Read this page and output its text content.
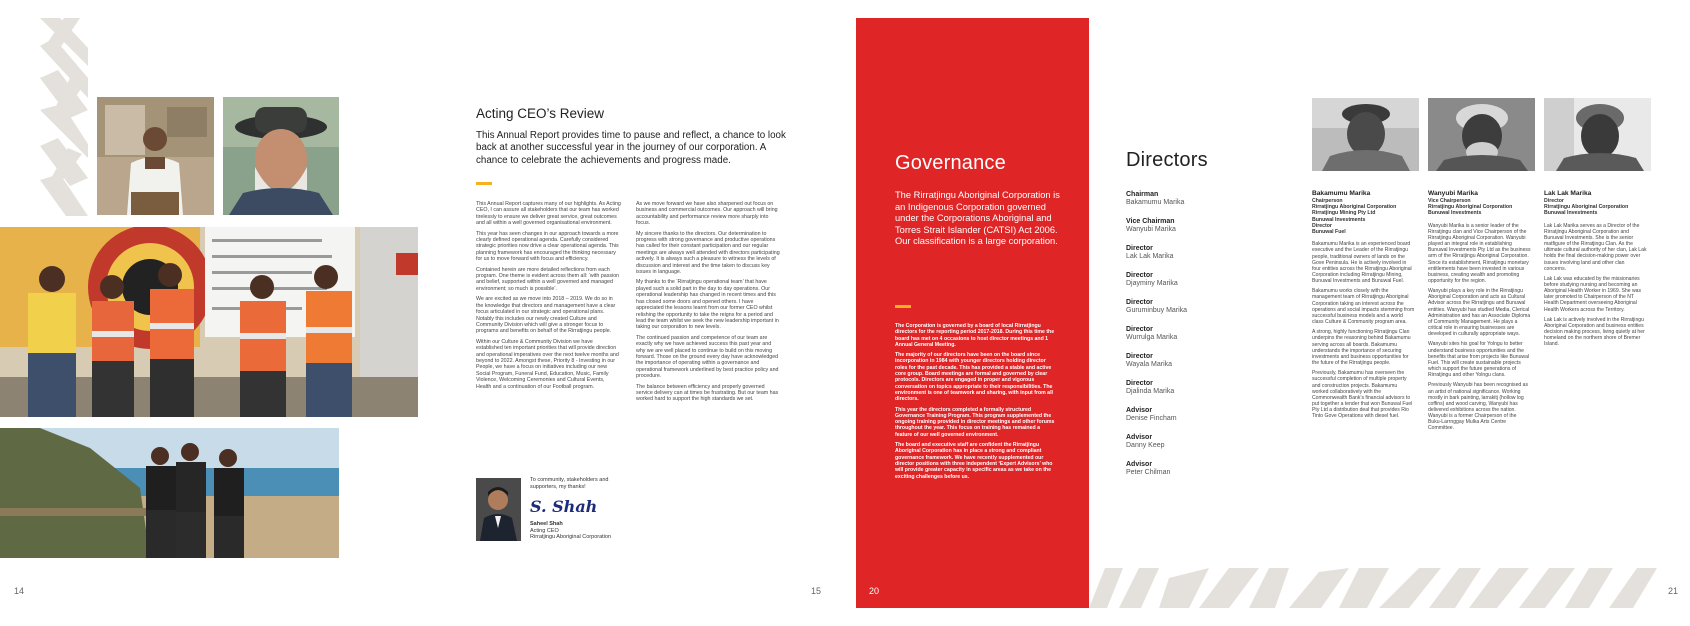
14	15
Acting CEO’s Review
This Annual Report provides time to pause and reflect, a chance to look back at another successful year in the journey of our corporation. A chance to celebrate the achievements and progress made.

This Annual Report captures many of our highlights. As Acting CEO, I can assure all stakeholders that our team has worked tirelessly to ensure we deliver great service, great outcomes and all within a well governed organisational environment.

This year has seen changes in our approach towards a more clearly defined operational agenda. Carefully considered strategic priorities now drive a clear operational agenda. This planning framework has encouraged the thinking necessary for us to move forward with focus and efficiency.

Contained herein are more detailed reflections from each program. One theme is evident across them all: ‘with passion and belief, supported within a well governed and managed environment; so much is possible’.

We are excited as we move into 2018 – 2019. We do so in the knowledge that directors and management have a clear focus articulated in our strategic and operational plans. Notably this includes our newly created Culture and Community Division which will give a stronger focus to programs and benefits on behalf of the Rirratjingu people.

Within our Culture & Community Division we have established ten important priorities that will provide direction and operational imperatives over the next twelve months and beyond to 2022. Amongst these, Priority 8 - Investing in our People, we have a focus on initiatives including our new Social Program, Funeral Fund, Education, Music, Family Violence, Welcoming Ceremonies and Cultural Events, Health and a continuation of our Football program.

As we move forward we have also sharpened out focus on business and commercial outcomes. Our approach will bring accountability and performance review more sharply into focus.

My sincere thanks to the directors. Our determination to progress with strong governance and productive operations has called for their constant participation and our regular meetings are always well attended with directors participating actively. It is always such a pleasure to witness the levels of discussion and interest and the time taken to discuss key issues in language.

My thanks to the ‘Rirratjingu operational team’ that have played such a solid part in the day to day operations. Our operational leadership has changed in recent times and this has closed some doors and opened others. I have appreciated the lessons learnt from our former CEO whilst relishing the opportunity to take the reigns for a period and lead the team whilst we seek the new leadership important in taking our corporation to new levels.

The continued passion and competence of our team are exactly why we have achieved success this past year and why we are well placed to continue to build on this moving forward. Those on the ground every day have acknowledged the importance of operating within a governance and operational framework underlined by best practice policy and procedure.

The balance between efficiency and properly governed service delivery can at times be frustrating. But our team has worked hard to support the high standards we set.

To community, stakeholders and supporters, my thanks!
S. Shah
Saheel Shah
Acting CEO
Rirratjingu Aboriginal Corporation
Governance
The Rirratjingu Aboriginal Corporation is an Indigenous Corporation governed under the Corporations Aboriginal and Torres Strait Islander (CATSI) Act 2006. Our classification is a large corporation.

The Corporation is governed by a board of local Rirratjingu directors for the reporting period 2017-2018. During this time the board has met on 4 occasions to host director meetings and 1 Annual General Meeting.

The majority of our directors have been on the board since incorporation in 1984 with younger directors holding director roles for the past decade. This has provided a stable and active core group. Board meetings are formal and governed by clear protocols. Directors are engaged in proper and vigorous conversation on topics appropriate to their responsibilities. The environment is one of teamwork and sharing, with input from all directors.

This year the directors completed a formally structured Governance Training Program. This program supplemented the ongoing training provided in director meetings and other forums throughout the year. This focus on training has remained a feature of our well governed environment.

The board and executive staff are confident the Rirratjingu Aboriginal Corporation has in place a strong and compliant governance framework. We have recently supplemented our director positions with three independent ‘Expert Advisors’ who will provide greater capacity in specific areas as we take on the exciting challenges before us.

20	21
Directors
Chairman
Bakamumu Marika
Vice Chairman
Wanyubi Marika
Director
Lak Lak Marika
Director
Djayminy Marika
Director
Guruminbuy Marika
Director
Wurrulga Marika
Director
Wayala Marika
Director
Djalinda Marika
Advisor
Denise Fincham
Advisor
Danny Keep
Advisor
Peter Chilman
Bakamumu Marika
Chairperson
Rirratjingu Aboriginal Corporation
Rirratjingu Mining Pty Ltd
Bunuwal Investments
Director
Bunuwal Fuel

Bakamumu Marika is an experienced board executive and the Leader of the Rirratjingu people, traditional owners of lands on the Gove Peninsula. He is actively involved in four entities across the Rirratjingu Aboriginal Corporation including Rirratjingu Mining, Bunuwal Investments and Bunuwal Fuel.

Bakamumu works closely with the management team of Rirratjingu Aboriginal Corporation taking an interest across the operations and social impacts stemming from successful business models and a world class Culture & Community program area.

A strong, highly functioning Rirratjingu Clan underpins the reasoning behind Bakamumu serving across all boards. Bakamumu understands the importance of securing investments and business opportunities for the future of the Rirratjingu people.

Previously, Bakamumu has overseen the successful completion of multiple property and construction projects. Bakamumu worked collaboratively with the Commonwealth Bank’s financial advisors to put together a tender that won Bunuwal Fuel Pty Ltd a distribution deal that provides Rio Tinto Gove Operations with diesel fuel.

Wanyubi Marika
Vice Chairperson
Rirratjingu Aboriginal Corporation
Bunuwal Investments

Wanyubi Marika is a senior leader of the Rirratjingu clan and Vice Chairperson of the Rirratjingu Aboriginal Corporation. Wanyubi played an integral role in establishing Bunuwal Investments Pty Ltd as the business arm of the Rirratjingu Aboriginal Corporation. Since its establishment, Rirratjingu monetary entitlements have been invested in various business, creating wealth and promoting opportunity for the region.

Wanyubi plays a key role in the Rirratjingu Aboriginal Corporation and acts as Cultural Advisor across the Rirratjingu and Bunuwal entities. Wanyubi has studied Media, Clerical Administration and has an Associate Diploma of Community Management. He plays a critical role in ensuring businesses are developed in culturally appropriate ways.

Wanyubi sites his goal for Yolngu to better understand business opportunities and the benefits that arise from projects like Bunuwal Fuel. This will create sustainable projects which support the future generations of Rirratjingu and other Yolngu clans.

Previously Wanyubi has been recognised as an artist of national significance. Working mostly in bark painting, larrakitj (hollow log coffins) and wood carving, Wanyubi has delivered exhibitions across the nation. Wanyubi is a former Chairperson of the Buku-Larrnggay Mulka Arts Centre Committee.

Lak Lak Marika
Director
Rirratjingu Aboriginal Corporation
Bunuwal Investments

Lak Lak Marika serves as a Director of the Rirratjingu Aboriginal Corporation and Bunuwal Investments. She is the senior matfigure of the Rirratjingu Clan. As the ultimate cultural authority of her clan, Lak Lak holds the final decision-making power over issues involving land and other clan concerns.

Lak Lak was educated by the missionaries before studying nursing and becoming an Aboriginal Health Worker in 1969. She was later promoted to Chairperson of the NT Health Department overseeing Aboriginal Health Workers across the Territory.

Lak Lak is actively involved in the Rirratjingu Aboriginal Corporation and business entities decision making process, living quietly at her homeland on the northern shore of Bremer Island.
